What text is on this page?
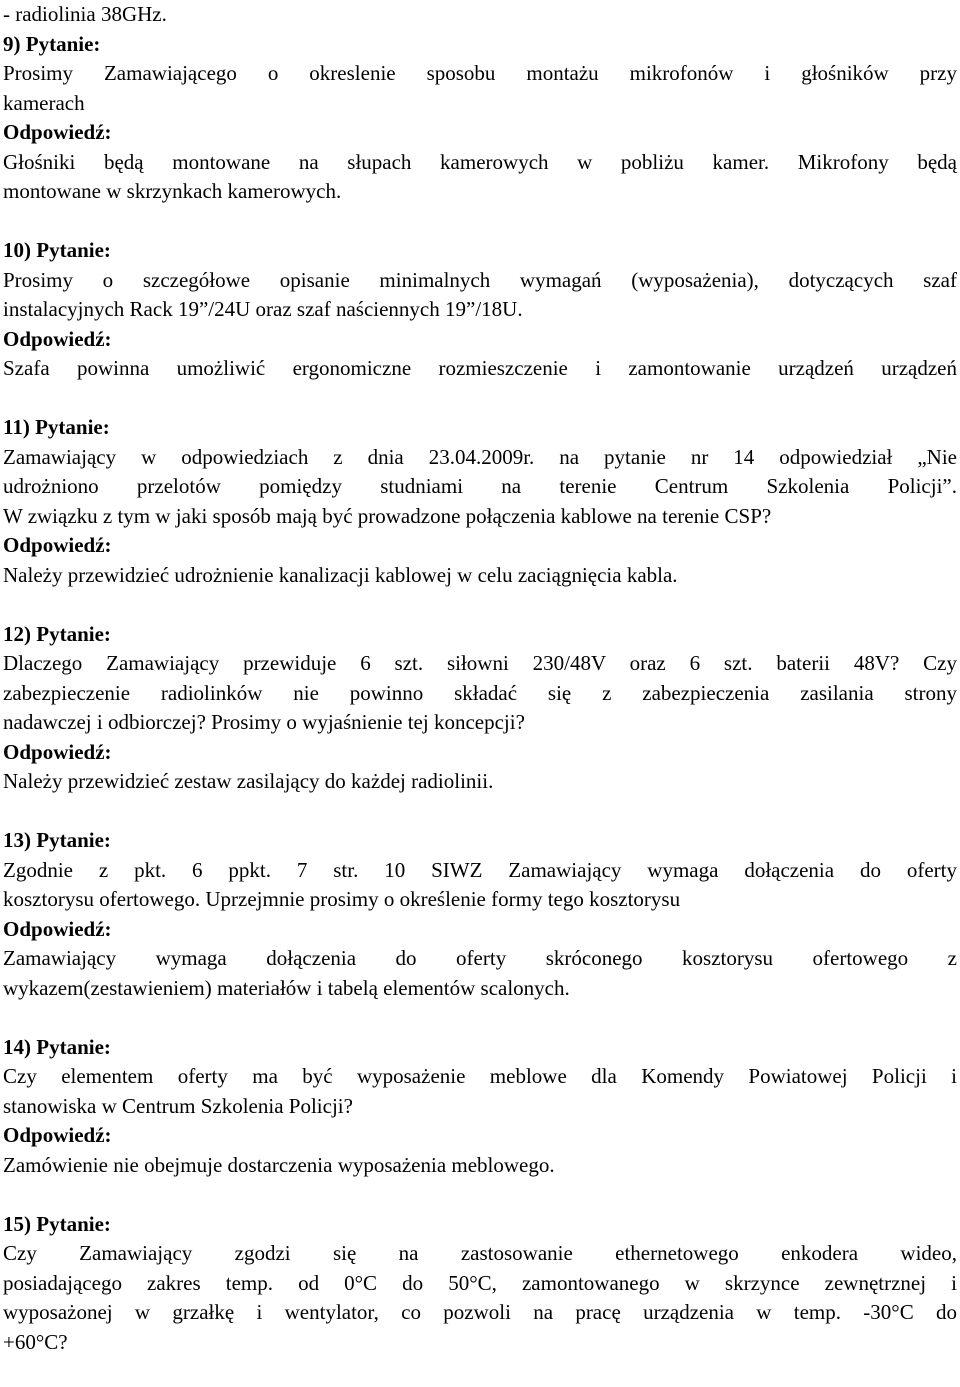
- radiolinia 38GHz.
9) Pytanie:
Prosimy Zamawiającego o okreslenie sposobu montażu mikrofonów i głośników przy
kamerach
Odpowiedź:
Głośniki będą montowane na słupach kamerowych w pobliżu kamer. Mikrofony będą
montowane w skrzynkach kamerowych.
10) Pytanie:
Prosimy o szczegółowe opisanie minimalnych wymagań (wyposażenia), dotyczących szaf
instalacyjnych Rack 19”/24U oraz szaf naściennych 19”/18U.
Odpowiedź:
Szafa powinna umożliwić ergonomiczne rozmieszczenie i zamontowanie urządzeń urządzeń
11) Pytanie:
Zamawiający w odpowiedziach z dnia 23.04.2009r. na pytanie nr 14 odpowiedział „Nie
udrożniono przelotów pomiędzy studniami na terenie Centrum Szkolenia Policji”.
W związku z tym w jaki sposób mają być prowadzone połączenia kablowe na terenie CSP?
Odpowiedź:
Należy przewidzieć udrożnienie kanalizacji kablowej w celu zaciągnięcia kabla.
12) Pytanie:
Dlaczego Zamawiający przewiduje 6 szt. siłowni 230/48V oraz 6 szt. baterii 48V? Czy
zabezpieczenie radiolinków nie powinno składać się z zabezpieczenia zasilania strony
nadawczej i odbiorczej? Prosimy o wyjaśnienie tej koncepcji?
Odpowiedź:
Należy przewidzieć zestaw zasilający do każdej radiolinii.
13) Pytanie:
Zgodnie z pkt. 6 ppkt. 7 str. 10 SIWZ Zamawiający wymaga dołączenia do oferty
kosztorysu ofertowego. Uprzejmnie prosimy o określenie formy tego kosztorysu
Odpowiedź:
Zamawiający wymaga dołączenia do oferty skróconego kosztorysu ofertowego z
wykazem(zestawieniem) materiałów i tabelą elementów scalonych.
14) Pytanie:
Czy elementem oferty ma być wyposażenie meblowe dla Komendy Powiatowej Policji i
stanowiska w Centrum Szkolenia Policji?
Odpowiedź:
Zamówienie nie obejmuje dostarczenia wyposażenia meblowego.
15) Pytanie:
Czy Zamawiający zgodzi się na zastosowanie ethernetowego enkodera wideo,
posiadającego zakres temp. od 0°C do 50°C, zamontowanego w skrzynce zewnętrznej i
wyposażonej w grzałkę i wentylator, co pozwoli na pracę urządzenia w temp. -30°C do
+60°C?
